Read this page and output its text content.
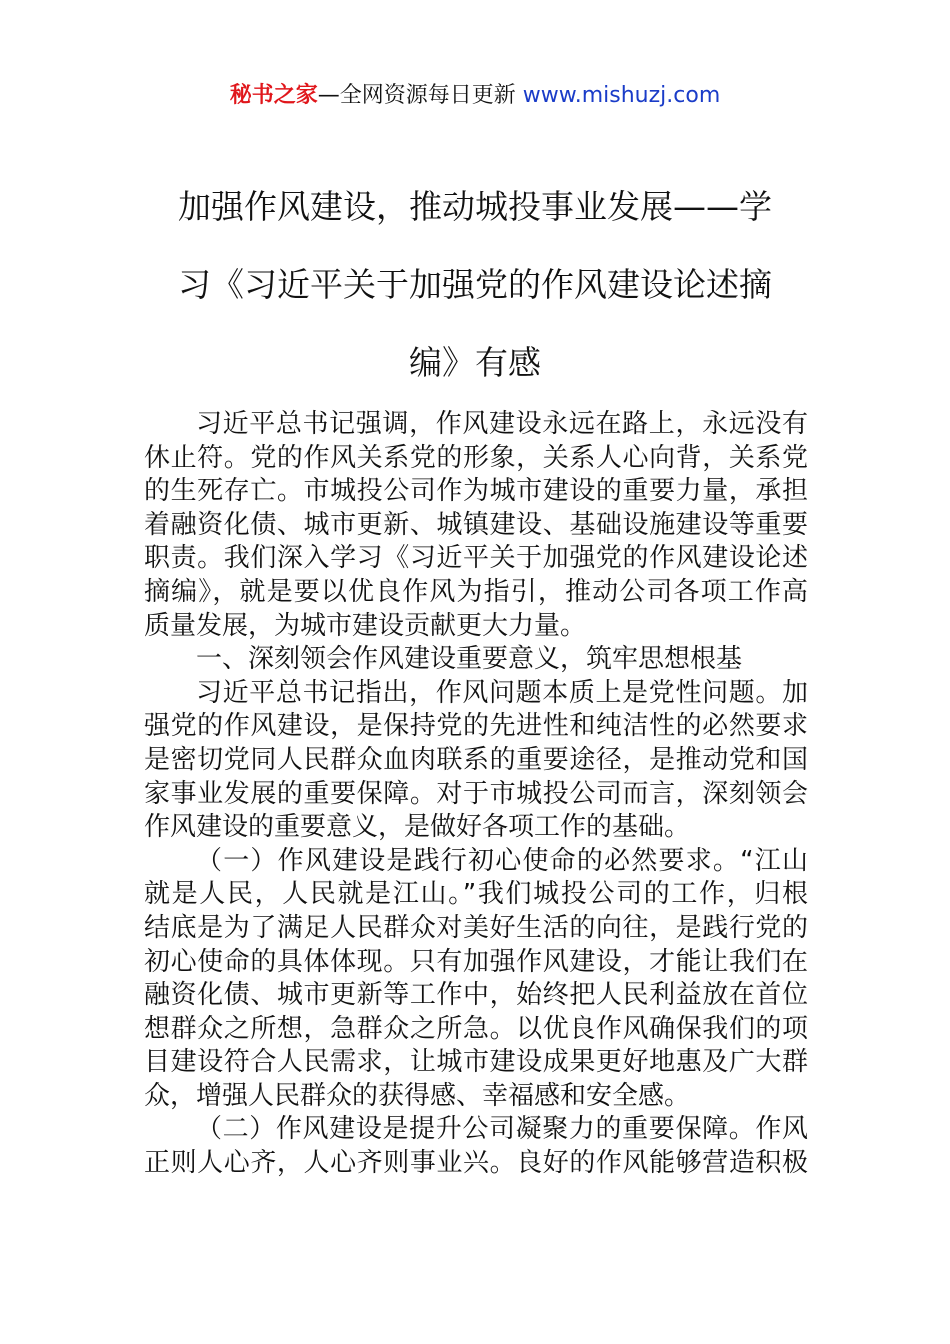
秘书之家—全网资源每日更新 www.mishuzj.com
加强作风建设，推动城投事业发展——学
习《习近平关于加强党的作风建设论述摘
编》有感
习近平总书记强调，作风建设永远在路上，永远没有
休止符。党的作风关系党的形象，关系人心向背，关系党
的生死存亡。市城投公司作为城市建设的重要力量，承担
着融资化债、城市更新、城镇建设、基础设施建设等重要
职责。我们深入学习《习近平关于加强党的作风建设论述
摘编》，就是要以优良作风为指引，推动公司各项工作高
质量发展，为城市建设贡献更大力量。
一、深刻领会作风建设重要意义，筑牢思想根基
习近平总书记指出，作风问题本质上是党性问题。加
强党的作风建设，是保持党的先进性和纯洁性的必然要求
是密切党同人民群众血肉联系的重要途径，是推动党和国
家事业发展的重要保障。对于市城投公司而言，深刻领会
作风建设的重要意义，是做好各项工作的基础。
（一）作风建设是践行初心使命的必然要求。“江山
就是人民，人民就是江山。”我们城投公司的工作，归根
结底是为了满足人民群众对美好生活的向往，是践行党的
初心使命的具体体现。只有加强作风建设，才能让我们在
融资化债、城市更新等工作中，始终把人民利益放在首位
想群众之所想，急群众之所急。以优良作风确保我们的项
目建设符合人民需求，让城市建设成果更好地惠及广大群
众，增强人民群众的获得感、幸福感和安全感。
（二）作风建设是提升公司凝聚力的重要保障。作风
正则人心齐，人心齐则事业兴。良好的作风能够营造积极
